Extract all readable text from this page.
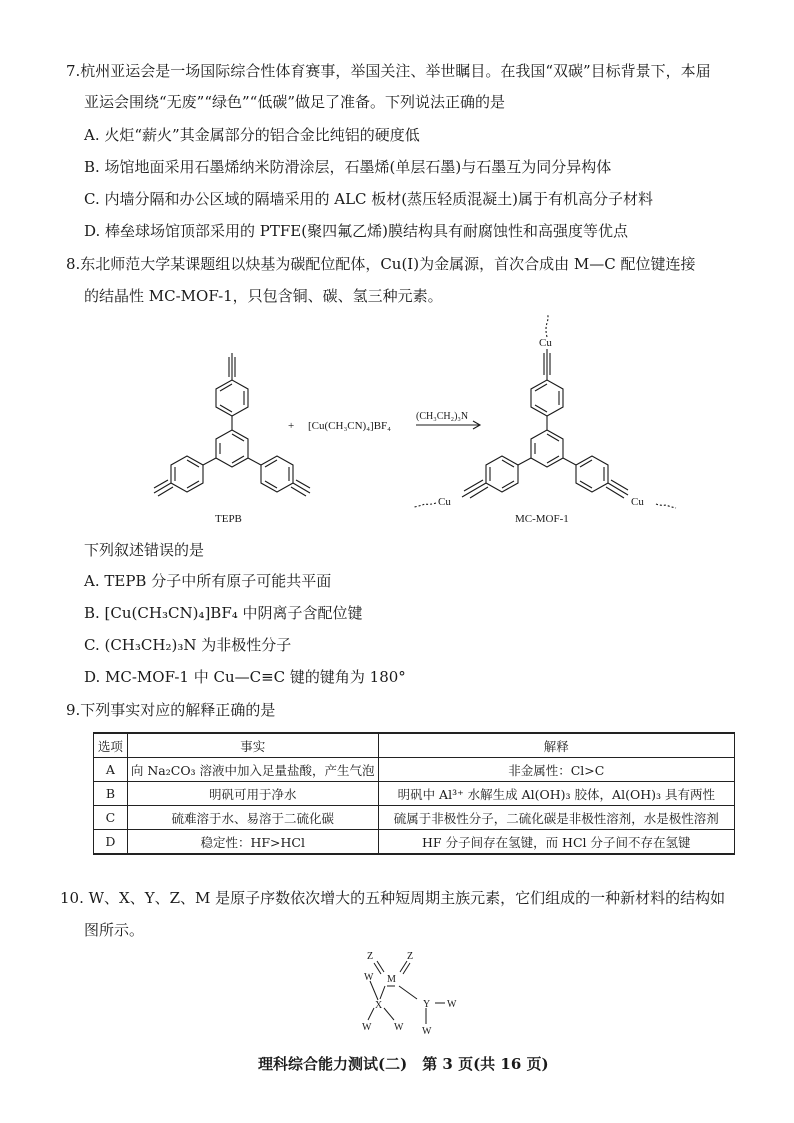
7.杭州亚运会是一场国际综合性体育赛事，举国关注、举世瞩目。在我国“双碳”目标背景下，本届
亚运会围绕“无废”“绿色”“低碳”做足了准备。下列说法正确的是
A. 火炬“薪火”其金属部分的铝合金比纯铝的硬度低
B. 场馆地面采用石墨烯纳米防滑涂层，石墨烯(单层石墨)与石墨互为同分异构体
C. 内墙分隔和办公区域的隔墙采用的 ALC 板材(蒸压轻质混凝土)属于有机高分子材料
D. 棒垒球场馆顶部采用的 PTFE(聚四氟乙烯)膜结构具有耐腐蚀性和高强度等优点
8.东北师范大学某课题组以炔基为碳配位配体，Cu(Ⅰ)为金属源，首次合成由 M—C 配位键连接
的结晶性 MC-MOF-1，只包含铜、碳、氢三种元素。
+ [Cu(CH₃CN)₄]BF₄
(CH₃CH₂)₃N
TEPB	MC-MOF-1
Cu
Cu	Cu
下列叙述错误的是
A. TEPB 分子中所有原子可能共平面
B. [Cu(CH₃CN)₄]BF₄ 中阴离子含配位键
C. (CH₃CH₂)₃N 为非极性分子
D. MC-MOF-1 中 Cu—C≡C 键的键角为 180°
9.下列事实对应的解释正确的是
选项	事实	解释
A	向 Na₂CO₃ 溶液中加入足量盐酸，产生气泡	非金属性：Cl>C
B	明矾可用于净水	明矾中 Al³⁺ 水解生成 Al(OH)₃ 胶体，Al(OH)₃ 具有两性
C	硫难溶于水、易溶于二硫化碳	硫属于非极性分子，二硫化碳是非极性溶剂，水是极性溶剂
D	稳定性：HF>HCl	HF 分子间存在氢键，而 HCl 分子间不存在氢键
10. W、X、Y、Z、M 是原子序数依次增大的五种短周期主族元素，它们组成的一种新材料的结构如
图所示。
Z	Z
M
W
X	Y W
W W W
理科综合能力测试(二)　第 3 页(共 16 页)
